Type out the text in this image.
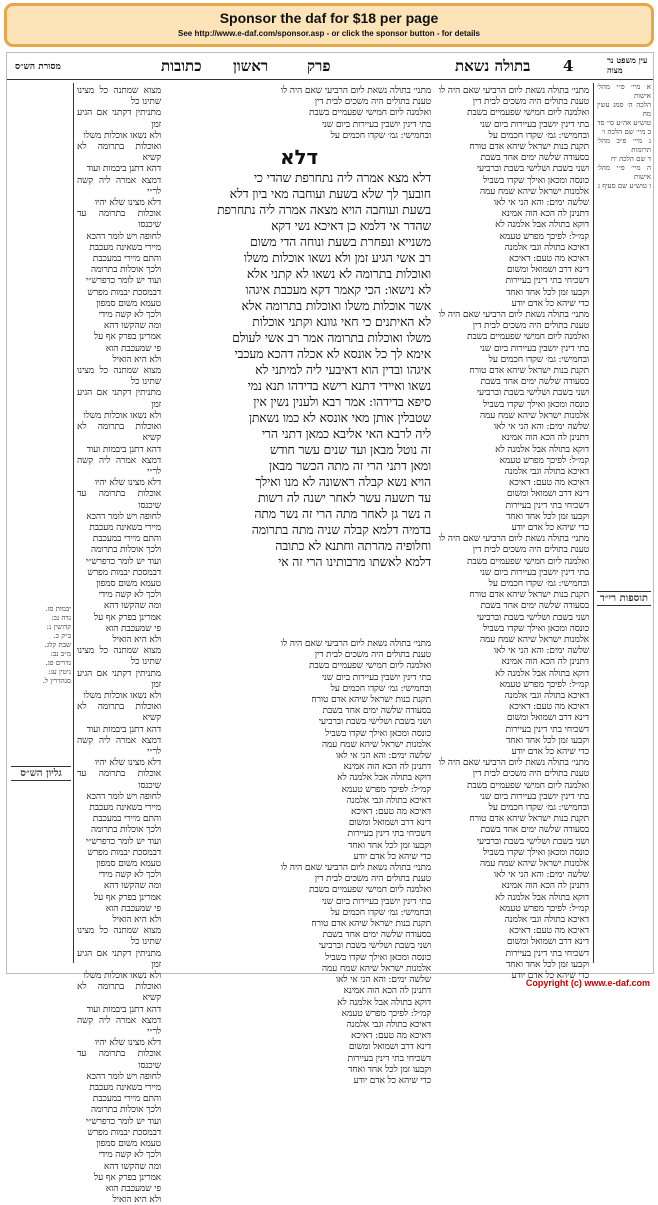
Sponsor the daf for $18 per page
See http://www.e-daf.com/sponsor.asp - or click the sponsor button - for details
4
בתולה נשאת
פרק
ראשון
כתובות
מסורת הש״ס
עין משפט נר מצוה
א מיי׳ פ״י מהל׳ אישות
הלכה ה׳ סמג עשין מח
טוש״ע אה״ע סי׳ סד
ב מיי׳ שם הלכה ו׳
ג מיי׳ פ״ב מהל׳ תרומות
ד שם הלכה יח
ה מיי׳ פ״י מהל׳ אישות
ו טוש״ע שם סעיף ג
תוספות רי״ד
מתני׳ בתולה נשאת ליום הרביעי שאם היה לו
טענת בתולים היה משכים לבית דין
ואלמנה ליום חמישי שפעמיים בשבת
בתי דינין יושבין בעיירות ביום שני
ובחמישי: גמ׳ שקדו חכמים על
תקנת בנות ישראל שיהא אדם טורח
בסעודה שלשה ימים אחד בשבת
ושני בשבת ושלישי בשבת וברביעי
כונסה ומכאן ואילך שקדו בשביל
אלמנות ישראל שיהא שמח עמה
שלשה ימים: והא הני אי לאו
דתנינן לה הכא הוה אמינא
דוקא בתולה אבל אלמנה לא
קמ״ל: לפיכך מפרש טעמא
דאיכא בתולה וגבי אלמנה
דאיכא מה טעם: דאיכא
דינא דרב ושמואל ומשום
דשכיחי בתי דינין בעיירות
וקבעו זמן לכל אחד ואחד
כדי שיהא כל אדם יודע
מתני׳ בתולה נשאת ליום הרביעי שאם היה לו
טענת בתולים היה משכים לבית דין
ואלמנה ליום חמישי שפעמיים בשבת
בתי דינין יושבין בעיירות ביום שני
ובחמישי: גמ׳ שקדו חכמים על
תקנת בנות ישראל שיהא אדם טורח
בסעודה שלשה ימים אחד בשבת
ושני בשבת ושלישי בשבת וברביעי
כונסה ומכאן ואילך שקדו בשביל
אלמנות ישראל שיהא שמח עמה
שלשה ימים: והא הני אי לאו
דתנינן לה הכא הוה אמינא
דוקא בתולה אבל אלמנה לא
קמ״ל: לפיכך מפרש טעמא
דאיכא בתולה וגבי אלמנה
דאיכא מה טעם: דאיכא
דינא דרב ושמואל ומשום
דשכיחי בתי דינין בעיירות
וקבעו זמן לכל אחד ואחד
כדי שיהא כל אדם יודע
מתני׳ בתולה נשאת ליום הרביעי שאם היה לו
טענת בתולים היה משכים לבית דין
ואלמנה ליום חמישי שפעמיים בשבת
בתי דינין יושבין בעיירות ביום שני
ובחמישי: גמ׳ שקדו חכמים על
תקנת בנות ישראל שיהא אדם טורח
בסעודה שלשה ימים אחד בשבת
ושני בשבת ושלישי בשבת וברביעי
כונסה ומכאן ואילך שקדו בשביל
אלמנות ישראל שיהא שמח עמה
שלשה ימים: והא הני אי לאו
דתנינן לה הכא הוה אמינא
דוקא בתולה אבל אלמנה לא
קמ״ל: לפיכך מפרש טעמא
דאיכא בתולה וגבי אלמנה
דאיכא מה טעם: דאיכא
דינא דרב ושמואל ומשום
דשכיחי בתי דינין בעיירות
וקבעו זמן לכל אחד ואחד
כדי שיהא כל אדם יודע
מתני׳ בתולה נשאת ליום הרביעי שאם היה לו
טענת בתולים היה משכים לבית דין
ואלמנה ליום חמישי שפעמיים בשבת
בתי דינין יושבין בעיירות ביום שני
ובחמישי: גמ׳ שקדו חכמים על
תקנת בנות ישראל שיהא אדם טורח
בסעודה שלשה ימים אחד בשבת
ושני בשבת ושלישי בשבת וברביעי
כונסה ומכאן ואילך שקדו בשביל
אלמנות ישראל שיהא שמח עמה
שלשה ימים: והא הני אי לאו
דתנינן לה הכא הוה אמינא
דוקא בתולה אבל אלמנה לא
קמ״ל: לפיכך מפרש טעמא
דאיכא בתולה וגבי אלמנה
דאיכא מה טעם: דאיכא
דינא דרב ושמואל ומשום
דשכיחי בתי דינין בעיירות
וקבעו זמן לכל אחד ואחד
כדי שיהא כל אדם יודע
דלא
דלא מצא אמרה ליה נתחרפת שהדי כי
חובעך לך שלא בשעת ועוחבה מאי ביון דלא
בשעת ועוחבה הויא מצאה אמרה ליה נתחרפת
שהדר אי דלמא כן דאיכא נשי דקא
משנייא ונפחרת בשעת ונוחה הדי משום
רב אשי הגיע זמן ולא נשאו אוכלות משלו
ואוכלות בתרומה לא נשאו לא קתני אלא
לא נישאו: הכי קאמר דקא מעכבת איגהו
אשר אוכלות משלו ואוכלות בתרומה אלא
לא האיתנים כי חאי גוונא וקתני אוכלות
משלו ואוכלות בתרומה אמר רב אשי לעולם
אימא לך כל אונסא לא אכלה דהכא מעכבי
איגהו ובדין הוא דאיבעי ליה למיתני לא
נשאו ואיידי דתנא רישא בדידהו תנא נמי
סיפא בדידהו: אמר רבא ולענין נשין אין
שטבלין אותן מאי אונסא לא כמו נשאתן
ליה לרבא האי אליבא כמאן דתני הרי
זה נוטל מבאן ועד שנים עשר חודש
ומאן דתני הרי זה מתה הכשר מבאן
הויא נשא קבלה ראשונה לא מנו ואילך
עד תשעה עשר לאחר ישנה לה רשות
ה נשר גן לאחר מתה הרי זה נשר מתה
בדמיה דלמא קבלה שניה מתה בתרומה
וחלופיה מהרתה וחתנא לא כתובה
דלמא לאשתו מרבותינו הרי זה אי
מתני׳ בתולה נשאת ליום הרביעי שאם היה לו
טענת בתולים היה משכים לבית דין
ואלמנה ליום חמישי שפעמיים בשבת
בתי דינין יושבין בעיירות ביום שני
ובחמישי: גמ׳ שקדו חכמים על
תקנת בנות ישראל שיהא אדם טורח
בסעודה שלשה ימים אחד בשבת
ושני בשבת ושלישי בשבת וברביעי
כונסה ומכאן ואילך שקדו בשביל
אלמנות ישראל שיהא שמח עמה
שלשה ימים: והא הני אי לאו
דתנינן לה הכא הוה אמינא
דוקא בתולה אבל אלמנה לא
קמ״ל: לפיכך מפרש טעמא
דאיכא בתולה וגבי אלמנה
דאיכא מה טעם: דאיכא
דינא דרב ושמואל ומשום
דשכיחי בתי דינין בעיירות
וקבעו זמן לכל אחד ואחד
כדי שיהא כל אדם יודע
מתני׳ בתולה נשאת ליום הרביעי שאם היה לו
טענת בתולים היה משכים לבית דין
ואלמנה ליום חמישי שפעמיים בשבת
בתי דינין יושבין בעיירות ביום שני
ובחמישי: גמ׳ שקדו חכמים על
תקנת בנות ישראל שיהא אדם טורח
בסעודה שלשה ימים אחד בשבת
ושני בשבת ושלישי בשבת וברביעי
כונסה ומכאן ואילך שקדו בשביל
אלמנות ישראל שיהא שמח עמה
שלשה ימים: והא הני אי לאו
דתנינן לה הכא הוה אמינא
דוקא בתולה אבל אלמנה לא
קמ״ל: לפיכך מפרש טעמא
דאיכא בתולה וגבי אלמנה
דאיכא מה טעם: דאיכא
דינא דרב ושמואל ומשום
דשכיחי בתי דינין בעיירות
וקבעו זמן לכל אחד ואחד
כדי שיהא כל אדם יודע
מתני׳ בתולה נשאת ליום הרביעי שאם היה לו
טענת בתולים היה משכים לבית דין
ואלמנה ליום חמישי שפעמיים בשבת
בתי דינין יושבין בעיירות ביום שני
ובחמישי: גמ׳ שקדו חכמים על
מצוא שמתנה כל מצינו שתינו כל
מתניתין דקתני אם הגיע זמן
ולא נשאו אוכלות משלו
ואוכלות בתרומה לא קשיא
דהא דתנן ביבמות ועוד
דמצא אמרה ליה קשה לר״י
דלא מצינו שלא יהיו
אוכלות בתרומה עד שיכנסו
לחופה ויש לומר דהכא
מיירי בשאינה מעכבת
והתם מיירי במעכבת
ולכך אוכלות בתרומה
ועוד יש לומר כדפרש״י
דבמסכת יבמות מפרש
טעמא משום סמפון
ולכך לא קשה מידי
ומה שהקשו דהא
אמרינן בפרק אף על
פי שמעכבת הוא
ולא היא הואיל
מצוא שמתנה כל מצינו שתינו כל
מתניתין דקתני אם הגיע זמן
ולא נשאו אוכלות משלו
ואוכלות בתרומה לא קשיא
דהא דתנן ביבמות ועוד
דמצא אמרה ליה קשה לר״י
דלא מצינו שלא יהיו
אוכלות בתרומה עד שיכנסו
לחופה ויש לומר דהכא
מיירי בשאינה מעכבת
והתם מיירי במעכבת
ולכך אוכלות בתרומה
ועוד יש לומר כדפרש״י
דבמסכת יבמות מפרש
טעמא משום סמפון
ולכך לא קשה מידי
ומה שהקשו דהא
אמרינן בפרק אף על
פי שמעכבת הוא
ולא היא הואיל
מצוא שמתנה כל מצינו שתינו כל
מתניתין דקתני אם הגיע זמן
ולא נשאו אוכלות משלו
ואוכלות בתרומה לא קשיא
דהא דתנן ביבמות ועוד
דמצא אמרה ליה קשה לר״י
דלא מצינו שלא יהיו
אוכלות בתרומה עד שיכנסו
לחופה ויש לומר דהכא
מיירי בשאינה מעכבת
והתם מיירי במעכבת
ולכך אוכלות בתרומה
ועוד יש לומר כדפרש״י
דבמסכת יבמות מפרש
טעמא משום סמפון
ולכך לא קשה מידי
ומה שהקשו דהא
אמרינן בפרק אף על
פי שמעכבת הוא
ולא היא הואיל
מצוא שמתנה כל מצינו שתינו כל
מתניתין דקתני אם הגיע זמן
ולא נשאו אוכלות משלו
ואוכלות בתרומה לא קשיא
דהא דתנן ביבמות ועוד
דמצא אמרה ליה קשה לר״י
דלא מצינו שלא יהיו
אוכלות בתרומה עד שיכנסו
לחופה ויש לומר דהכא
מיירי בשאינה מעכבת
והתם מיירי במעכבת
ולכך אוכלות בתרומה
ועוד יש לומר כדפרש״י
דבמסכת יבמות מפרש
טעמא משום סמפון
ולכך לא קשה מידי
ומה שהקשו דהא
אמרינן בפרק אף על
פי שמעכבת הוא
ולא היא הואיל
יבמות סז.
נדה נב:
קדושין נ:
ב״ק כ.
שבת קלג.
מ״ב נב:
נדרים פג.
גיטין עג:
סנהדרין ל.
גליון הש״ס
Copyright (c) www.e-daf.com
